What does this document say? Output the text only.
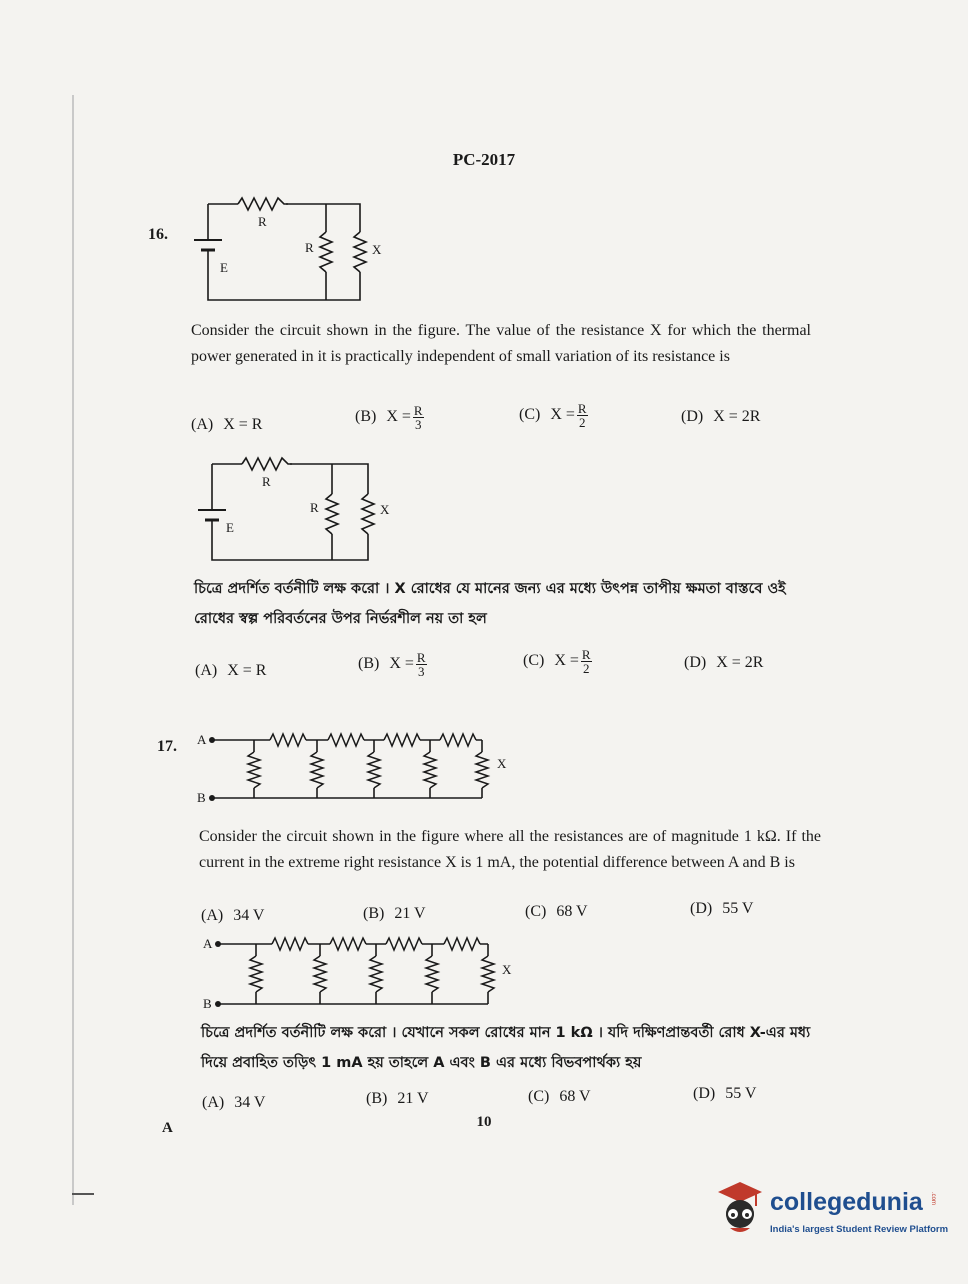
PC-2017
16.
R
R	X
E
Consider the circuit shown in the figure. The value of the resistance X for which the thermal power generated in it is practically independent of small variation of its resistance is
(A) X = R	(B) $X = \frac{R}{3}$	(C) $X = \frac{R}{2}$	(D) X = 2R
R
R	X
E
চিত্রে প্রদর্শিত বর্তনীটি লক্ষ করো । X রোধের যে মানের জন্য এর মধ্যে উৎপন্ন তাপীয় ক্ষমতা বাস্তবে ওই রোধের স্বল্প পরিবর্তনের উপর নির্ভরশীল নয় তা হল
(A) X = R	(B) $X = \frac{R}{3}$	(C) $X = \frac{R}{2}$	(D) X = 2R
17. A
B
X
Consider the circuit shown in the figure where all the resistances are of magnitude 1 kΩ. If the current in the extreme right resistance X is 1 mA, the potential difference between A and B is
(A) 34 V	(B) 21 V	(C) 68 V	(D) 55 V
A
B
X
চিত্রে প্রদর্শিত বর্তনীটি লক্ষ করো । যেখানে সকল রোধের মান 1 kΩ । যদি দক্ষিণপ্রান্তবর্তী রোধ X-এর মধ্য দিয়ে প্রবাহিত তড়িৎ 1 mA হয় তাহলে A এবং B এর মধ্যে বিভবপার্থক্য হয়
(A) 34 V	(B) 21 V	(C) 68 V	(D) 55 V
10
A
collegedunia .com
India's largest Student Review Platform
